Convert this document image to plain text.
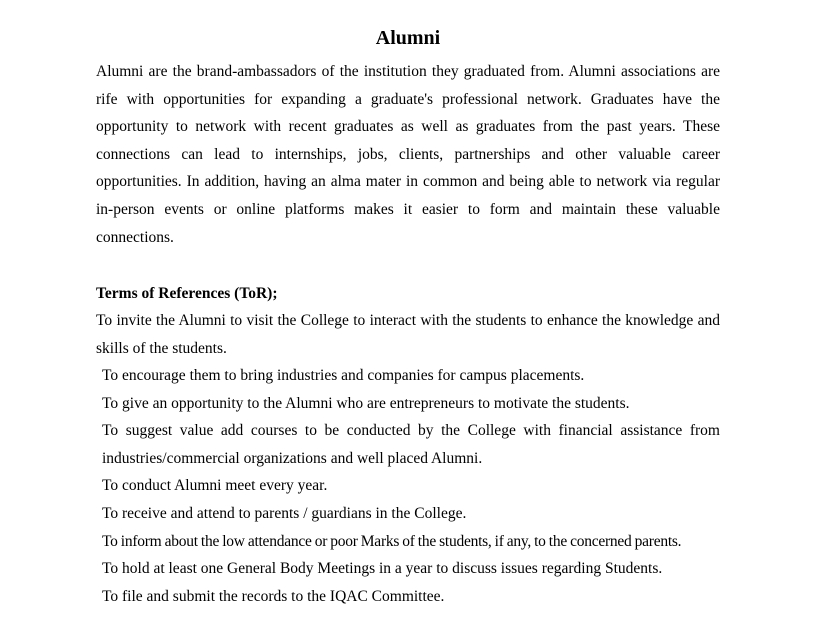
Alumni

Alumni are the brand-ambassadors of the institution they graduated from. Alumni associations are rife with opportunities for expanding a graduate's professional network. Graduates have the opportunity to network with recent graduates as well as graduates from the past years. These connections can lead to internships, jobs, clients, partnerships and other valuable career opportunities. In addition, having an alma mater in common and being able to network via regular in-person events or online platforms makes it easier to form and maintain these valuable connections.

Terms of References (ToR);

To invite the Alumni to visit the College to interact with the students to enhance the knowledge and skills of the students.

To encourage them to bring industries and companies for campus placements.
To give an opportunity to the Alumni who are entrepreneurs to motivate the students.
To suggest value add courses to be conducted by the College with financial assistance from industries/commercial organizations and well placed Alumni.
To conduct Alumni meet every year.
To receive and attend to parents / guardians in the College.
To inform about the low attendance or poor Marks of the students, if any, to the concerned parents.
To hold at least one General Body Meetings in a year to discuss issues regarding Students.
To file and submit the records to the IQAC Committee.
